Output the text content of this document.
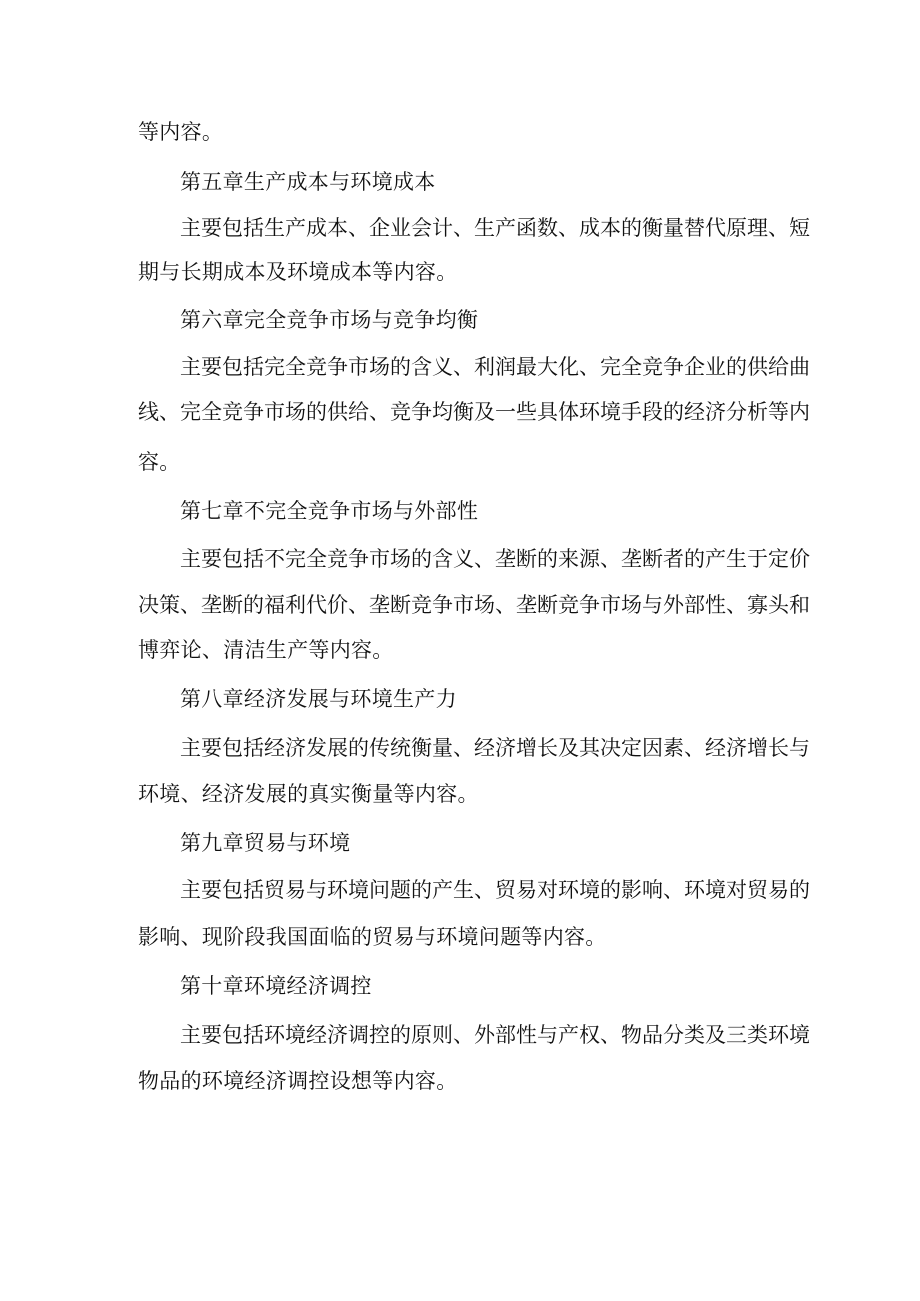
等内容。
第五章生产成本与环境成本
主要包括生产成本、企业会计、生产函数、成本的衡量替代原理、短
期与长期成本及环境成本等内容。
第六章完全竞争市场与竞争均衡
主要包括完全竞争市场的含义、利润最大化、完全竞争企业的供给曲
线、完全竞争市场的供给、竞争均衡及一些具体环境手段的经济分析等内
容。
第七章不完全竞争市场与外部性
主要包括不完全竞争市场的含义、垄断的来源、垄断者的产生于定价
决策、垄断的福利代价、垄断竞争市场、垄断竞争市场与外部性、寡头和
博弈论、清洁生产等内容。
第八章经济发展与环境生产力
主要包括经济发展的传统衡量、经济增长及其决定因素、经济增长与
环境、经济发展的真实衡量等内容。
第九章贸易与环境
主要包括贸易与环境问题的产生、贸易对环境的影响、环境对贸易的
影响、现阶段我国面临的贸易与环境问题等内容。
第十章环境经济调控
主要包括环境经济调控的原则、外部性与产权、物品分类及三类环境
物品的环境经济调控设想等内容。
